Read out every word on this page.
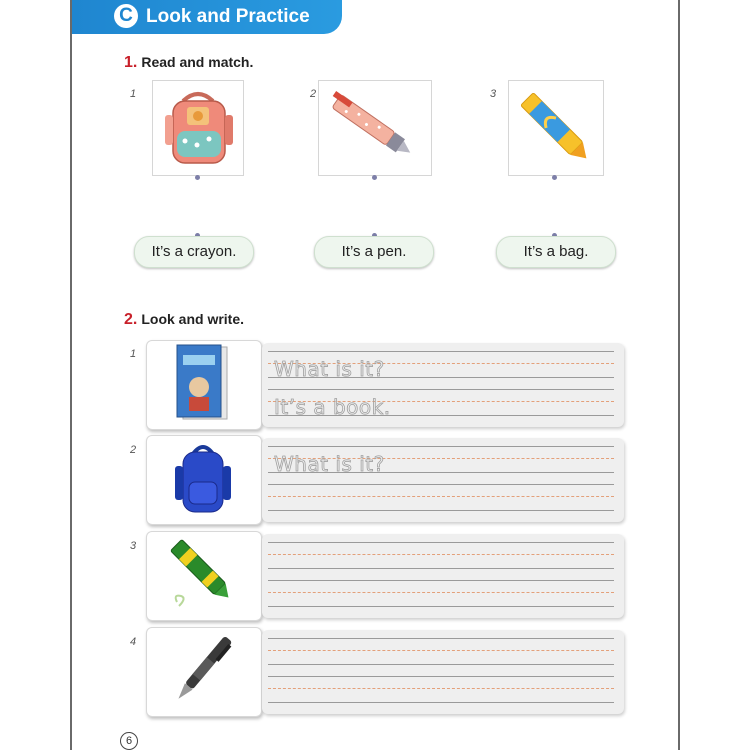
C Look and Practice
1. Read and match.
1	2	3
It’s a crayon.	It’s a pen.	It’s a bag.
2. Look and write.
1
What is it?
It’s a book.
2
What is it?
3
4
6
